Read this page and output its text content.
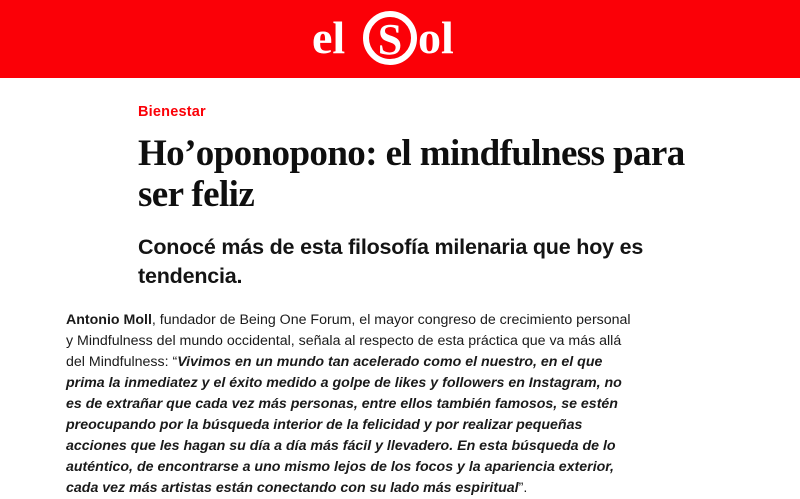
el S ol
Bienestar
Ho’oponopono: el mindfulness para ser feliz
Conocé más de esta filosofía milenaria que hoy es tendencia.

Antonio Moll, fundador de Being One Forum, el mayor congreso de crecimiento personal y Mindfulness del mundo occidental, señala al respecto de esta práctica que va más allá del Mindfulness: “Vivimos en un mundo tan acelerado como el nuestro, en el que prima la inmediatez y el éxito medido a golpe de likes y followers en Instagram, no es de extrañar que cada vez más personas, entre ellos también famosos, se estén preocupando por la búsqueda interior de la felicidad y por realizar pequeñas acciones que les hagan su día a día más fácil y llevadero. En esta búsqueda de lo auténtico, de encontrarse a uno mismo lejos de los focos y la apariencia exterior, cada vez más artistas están conectando con su lado más espiritual”.
